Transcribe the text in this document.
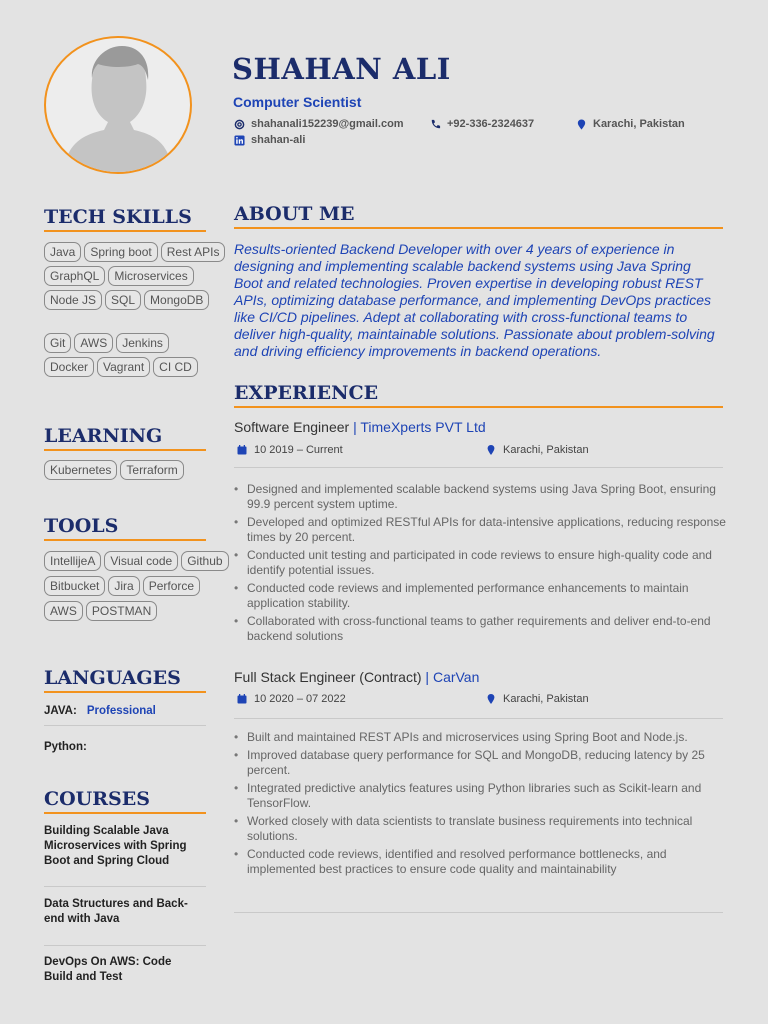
SHAHAN ALI
Computer Scientist
shahanali152239@gmail.com	+92-336-2324637	Karachi, Pakistan
shahan-ali
TECH SKILLS
Java	Spring boot	Rest APIs
GraphQL	Microservices
Node JS	SQL	MongoDB
Git	AWS	Jenkins
Docker	Vagrant	CI CD
LEARNING
Kubernetes	Terraform
TOOLS
IntellijeA	Visual code	Github
Bitbucket	Jira	Perforce
AWS	POSTMAN
LANGUAGES
JAVA: Professional
Python:
COURSES
Building Scalable Java Microservices with Spring Boot and Spring Cloud
Data Structures and Back-end with Java
DevOps On AWS: Code Build and Test
ABOUT ME
Results-oriented Backend Developer with over 4 years of experience in designing and implementing scalable backend systems using Java Spring Boot and related technologies. Proven expertise in developing robust REST APIs, optimizing database performance, and implementing DevOps practices like CI/CD pipelines. Adept at collaborating with cross-functional teams to deliver high-quality, maintainable solutions. Passionate about problem-solving and driving efficiency improvements in backend operations.
EXPERIENCE
Software Engineer | TimeXperts PVT Ltd
10 2019 – Current	Karachi, Pakistan
• Designed and implemented scalable backend systems using Java Spring Boot, ensuring 99.9 percent system uptime.
• Developed and optimized RESTful APIs for data-intensive applications, reducing response times by 20 percent.
• Conducted unit testing and participated in code reviews to ensure high-quality code and identify potential issues.
• Conducted code reviews and implemented performance enhancements to maintain application stability.
• Collaborated with cross-functional teams to gather requirements and deliver end-to-end backend solutions
Full Stack Engineer (Contract) | CarVan
10 2020 – 07 2022	Karachi, Pakistan
• Built and maintained REST APIs and microservices using Spring Boot and Node.js.
• Improved database query performance for SQL and MongoDB, reducing latency by 25 percent.
• Integrated predictive analytics features using Python libraries such as Scikit-learn and TensorFlow.
• Worked closely with data scientists to translate business requirements into technical solutions.
• Conducted code reviews, identified and resolved performance bottlenecks, and implemented best practices to ensure code quality and maintainability
